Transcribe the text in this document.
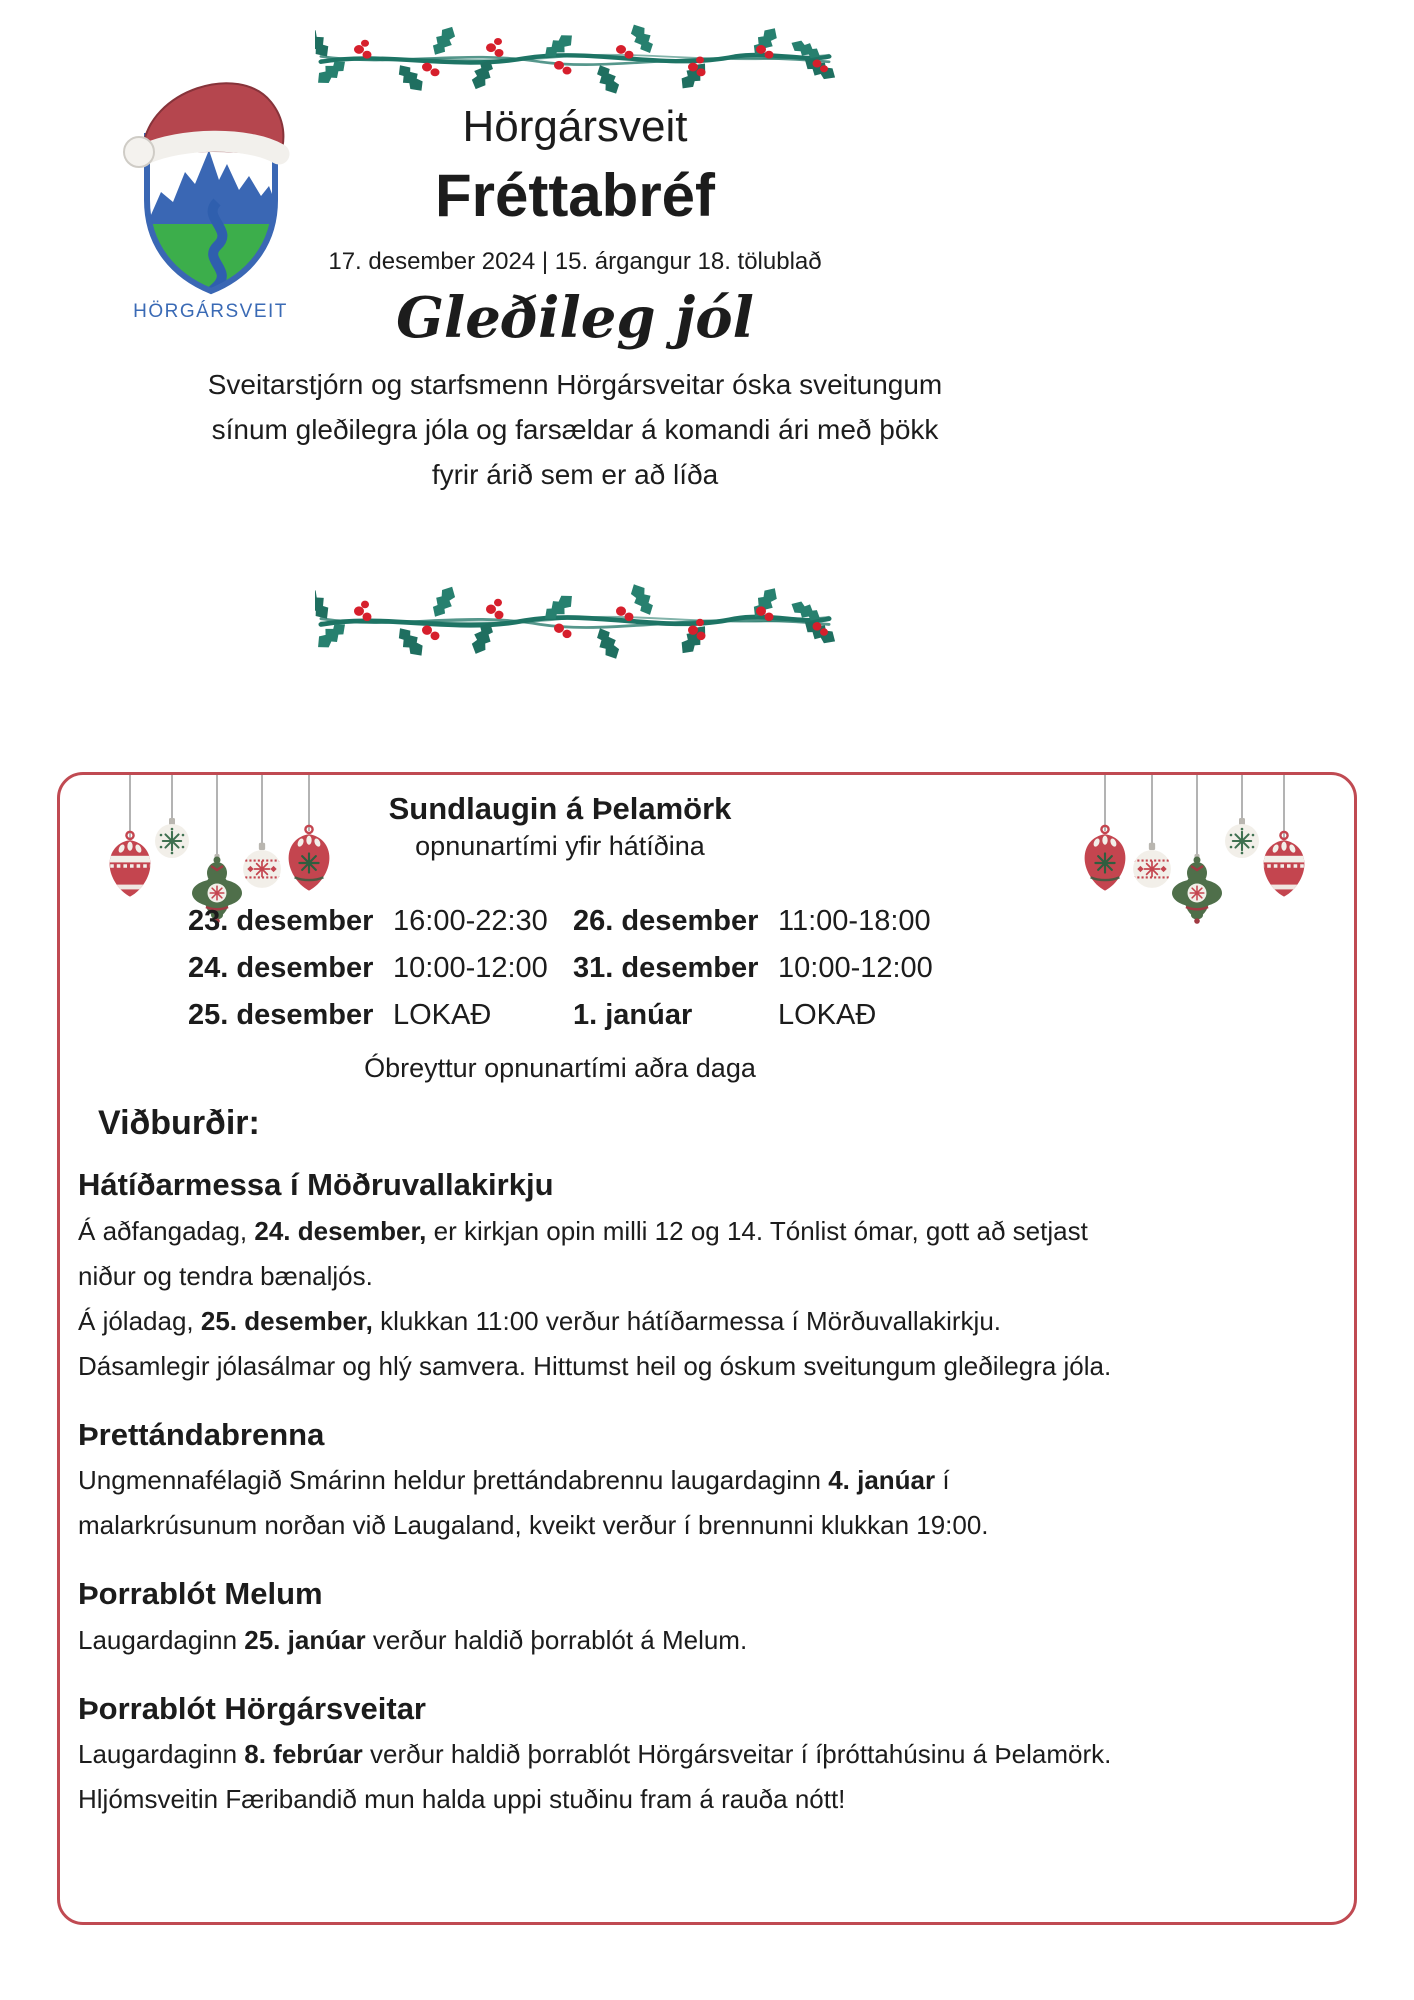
HÖRGÁRSVEIT
Hörgársveit
Fréttabréf
17. desember 2024 | 15. árgangur 18. tölublað
Gleðileg jól

Sveitarstjórn og starfsmenn Hörgársveitar óska sveitungum
sínum gleðilegra jóla og farsældar á komandi ári með þökk
fyrir árið sem er að líða

Sundlaugin á Þelamörk
opnunartími yfir hátíðina
23. desember 16:00-22:30
24. desember 10:00-12:00
25. desember LOKAÐ
26. desember 11:00-18:00
31. desember 10:00-12:00
1. janúar	LOKAÐ
Óbreyttur opnunartími aðra daga
Viðburðir:
Hátíðarmessa í Möðruvallakirkju

Á aðfangadag, 24. desember, er kirkjan opin milli 12 og 14. Tónlist ómar, gott að setjast niður og tendra bænaljós.

Á jóladag, 25. desember, klukkan 11:00 verður hátíðarmessa í Mörðuvallakirkju. Dásamlegir jólasálmar og hlý samvera. Hittumst heil og óskum sveitungum gleðilegra jóla.

Þrettándabrenna

Ungmennafélagið Smárinn heldur þrettándabrennu laugardaginn 4. janúar í malarkrúsunum norðan við Laugaland, kveikt verður í brennunni klukkan 19:00.

Þorrablót Melum

Laugardaginn 25. janúar verður haldið þorrablót á Melum.

Þorrablót Hörgársveitar

Laugardaginn 8. febrúar verður haldið þorrablót Hörgársveitar í íþróttahúsinu á Þelamörk. Hljómsveitin Færibandið mun halda uppi stuðinu fram á rauða nótt!
